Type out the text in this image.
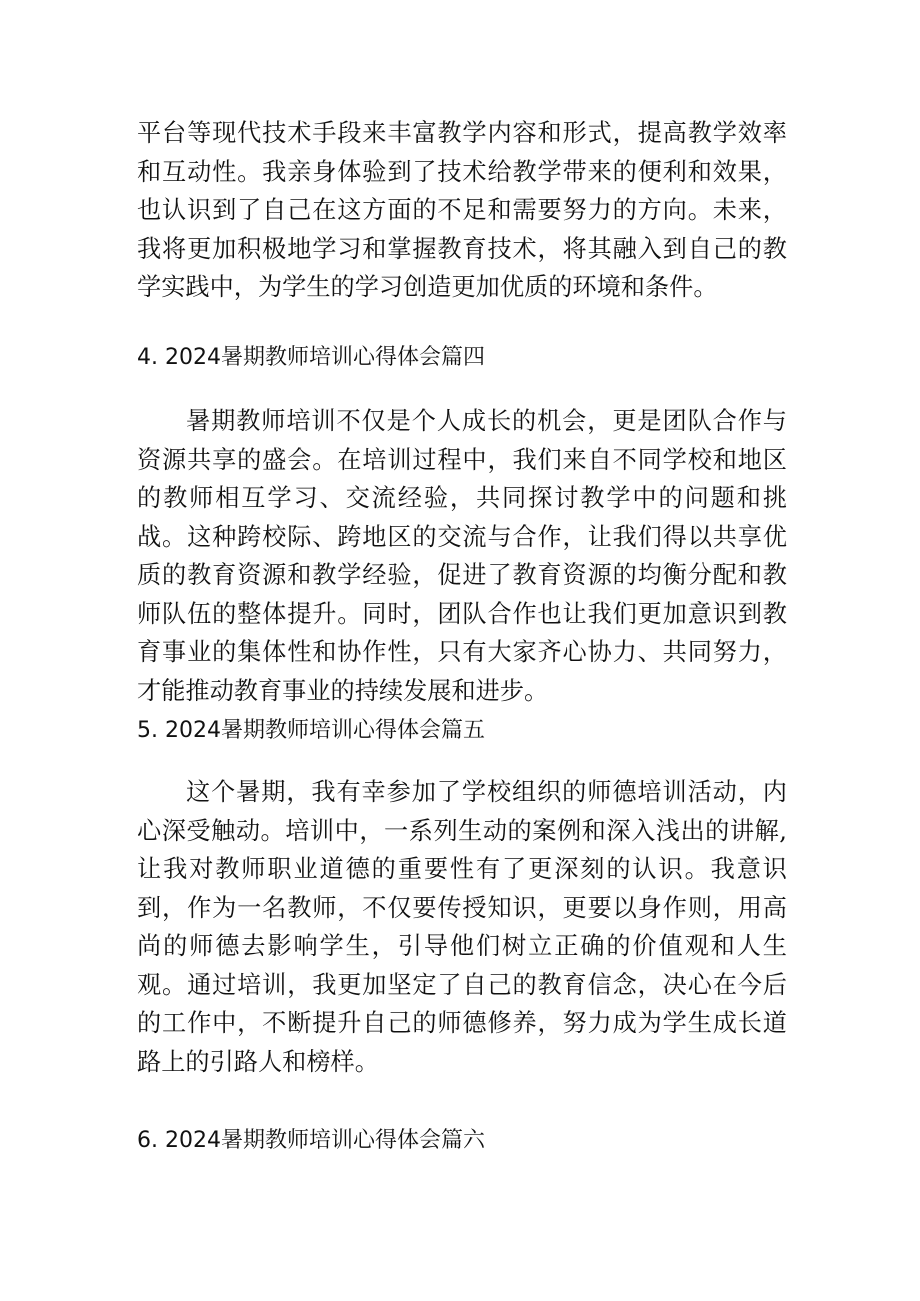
平台等现代技术手段来丰富教学内容和形式，提高教学效率和互动性。我亲身体验到了技术给教学带来的便利和效果，也认识到了自己在这方面的不足和需要努力的方向。未来，我将更加积极地学习和掌握教育技术，将其融入到自己的教学实践中，为学生的学习创造更加优质的环境和条件。

4. 2024暑期教师培训心得体会篇四

暑期教师培训不仅是个人成长的机会，更是团队合作与资源共享的盛会。在培训过程中，我们来自不同学校和地区的教师相互学习、交流经验，共同探讨教学中的问题和挑战。这种跨校际、跨地区的交流与合作，让我们得以共享优质的教育资源和教学经验，促进了教育资源的均衡分配和教师队伍的整体提升。同时，团队合作也让我们更加意识到教育事业的集体性和协作性，只有大家齐心协力、共同努力，才能推动教育事业的持续发展和进步。

5. 2024暑期教师培训心得体会篇五

这个暑期，我有幸参加了学校组织的师德培训活动，内心深受触动。培训中，一系列生动的案例和深入浅出的讲解,让我对教师职业道德的重要性有了更深刻的认识。我意识到，作为一名教师，不仅要传授知识，更要以身作则，用高尚的师德去影响学生，引导他们树立正确的价值观和人生观。通过培训，我更加坚定了自己的教育信念，决心在今后的工作中，不断提升自己的师德修养，努力成为学生成长道路上的引路人和榜样。

6. 2024暑期教师培训心得体会篇六
